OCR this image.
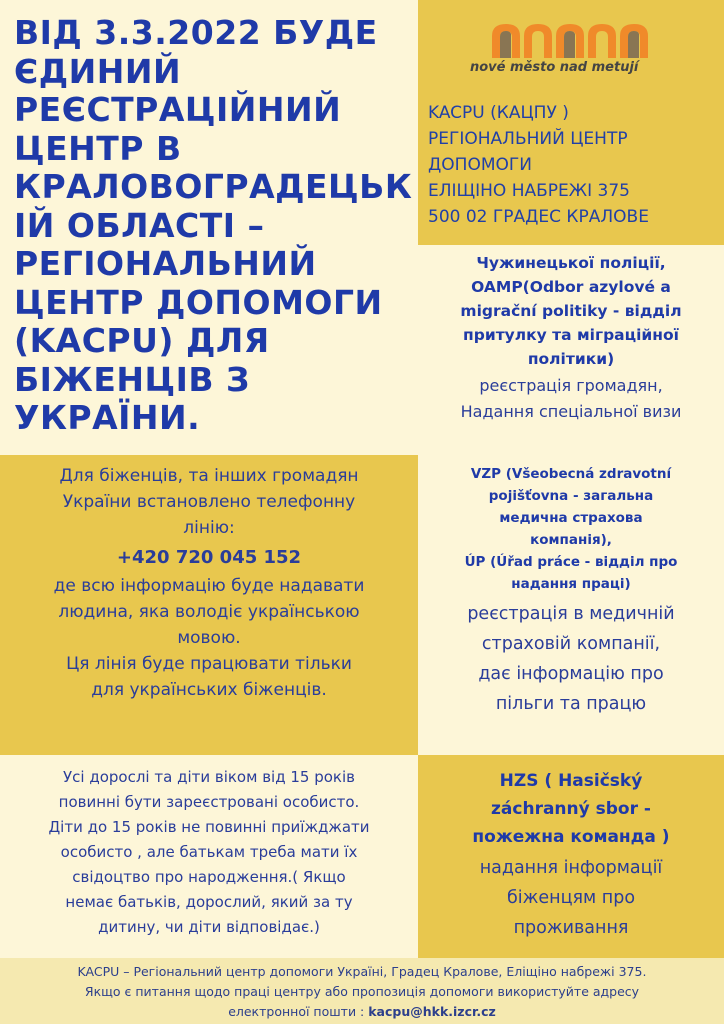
ВІД 3.3.2022 БУДЕ
ЄДИНИЙ
РЕЄСТРАЦІЙНИЙ
ЦЕНТР В
КРАЛОВОГРАДЕЦЬК
ІЙ ОБЛАСТІ –
РЕГІОНАЛЬНИЙ
ЦЕНТР ДОПОМОГИ
(KACPU) ДЛЯ
БІЖЕНЦІВ З
УКРАЇНИ.
nové město nad metují
KACPU (КАЦПУ )
РЕГІОНАЛЬНИЙ ЦЕНТР
ДОПОМОГИ
ЕЛІЩІНО НАБРЕЖІ 375
500 02 ГРАДЕС КРАЛОВЕ
Чужинецької поліції,
OAMP(Odbor azylové a
migrační politiky - відділ
притулку та міграційної
політики)
реєстрація громадян,
Надання спеціальної визи
Для біженців, та інших громадян
України встановлено телефонну
лінію:
+420 720 045 152
де всю інформацію буде надавати
людина, яка володіє українською
мовою.
Ця лінія буде працювати тільки
для українських біженців.
VZP (Všeobecná zdravotní
pojišťovna - загальна
медична страхова
компанія),
ÚP (Úřad práce - відділ про
надання праці)
реєстрація в медичній
страховій компанії,
дає інформацію про
пільги та працю
Усі дорослі та діти віком від 15 років
повинні бути зареєстровані особисто.
Діти до 15 років не повинні приїжджати
особисто , але батькам треба мати їх
свідоцтво про народження.( Якщо
немає батьків, дорослий, який за ту
дитину, чи діти відповідає.)
HZS ( Hasičský
záchranný sbor -
пожежна команда )
надання інформації
біженцям про
проживання
KACPU – Регіональний центр допомоги Україні, Градец Кралове, Еліщіно набрежі 375.
Якщо є питання щодо праці центру або пропозиція допомоги використуйте адресу
електронної пошти : kacpu@hkk.izcr.cz
